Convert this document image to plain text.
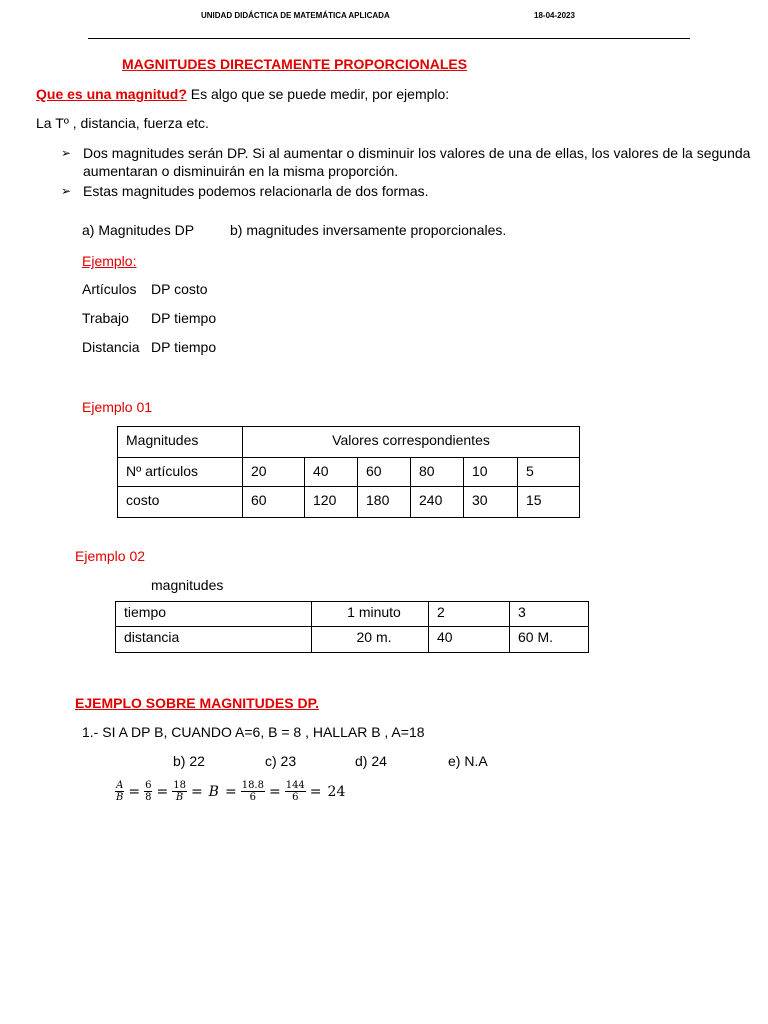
UNIDAD DIDÁCTICA DE MATEMÁTICA APLICADA	18-04-2023
MAGNITUDES DIRECTAMENTE PROPORCIONALES
Que es una magnitud? Es algo que se puede medir, por ejemplo:
La Tº , distancia, fuerza etc.
➢ Dos magnitudes serán DP. Si al aumentar o disminuir los valores de una de ellas, los valores de la segunda
aumentaran o disminuirán en la misma proporción.
➢ Estas magnitudes podemos relacionarla de dos formas.
a) Magnitudes DP	b) magnitudes inversamente proporcionales.
Ejemplo:
Artículos DP costo
Trabajo DP tiempo
Distancia DP tiempo
Ejemplo 01
Magnitudes	Valores correspondientes					
Nº artículos	20	40	60	80	10	5
costo	60	120	180	240	30	15
Ejemplo 02
magnitudes
tiempo	1 minuto	2	3
distancia	20 m.	40	60 M.
EJEMPLO SOBRE MAGNITUDES DP.
1.- SI A DP B, CUANDO A=6, B = 8 , HALLAR B , A=18
b) 22	c) 23	d) 24	e) N.A
$\frac{A}{B} = \frac{6}{8} = \frac{18}{B} = B = \frac{18.8}{6} = \frac{144}{6} = 24$
